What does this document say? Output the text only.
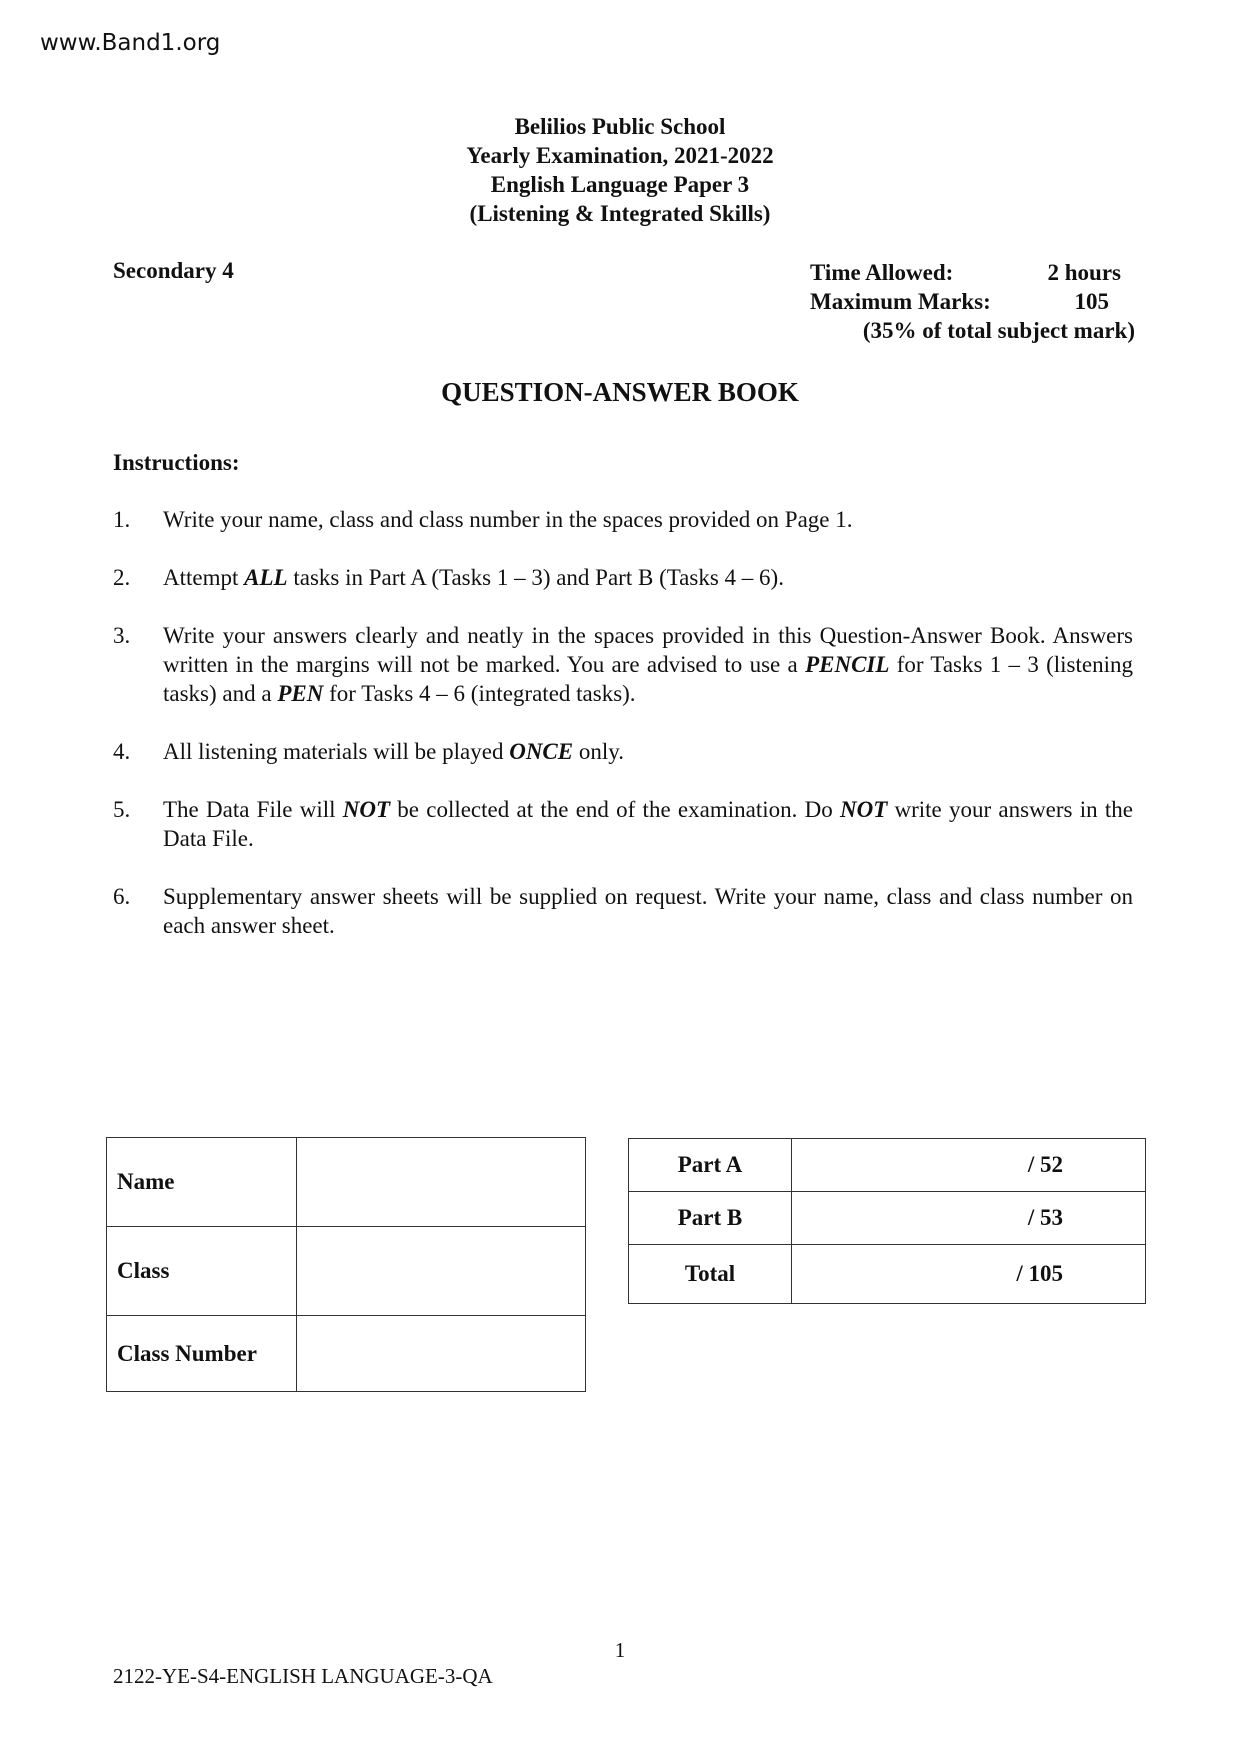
www.Band1.org
Belilios Public School
Yearly Examination, 2021-2022
English Language Paper 3
(Listening & Integrated Skills)
Secondary 4	Time Allowed:	2 hours
Maximum Marks:	105
(35% of total subject mark)
QUESTION-ANSWER BOOK
Instructions:
1.	Write your name, class and class number in the spaces provided on Page 1.
2.	Attempt ALL tasks in Part A (Tasks 1 – 3) and Part B (Tasks 4 – 6).
3.	Write your answers clearly and neatly in the spaces provided in this Question-Answer Book. Answers written in the margins will not be marked. You are advised to use a PENCIL for Tasks 1 – 3 (listening tasks) and a PEN for Tasks 4 – 6 (integrated tasks).
4.	All listening materials will be played ONCE only.
5.	The Data File will NOT be collected at the end of the examination. Do NOT write your answers in the Data File.
6.	Supplementary answer sheets will be supplied on request. Write your name, class and class number on each answer sheet.
Name	
Class	
Class Number	
Part A	/ 52
Part B	/ 53
Total	/ 105
1
2122-YE-S4-ENGLISH LANGUAGE-3-QA
